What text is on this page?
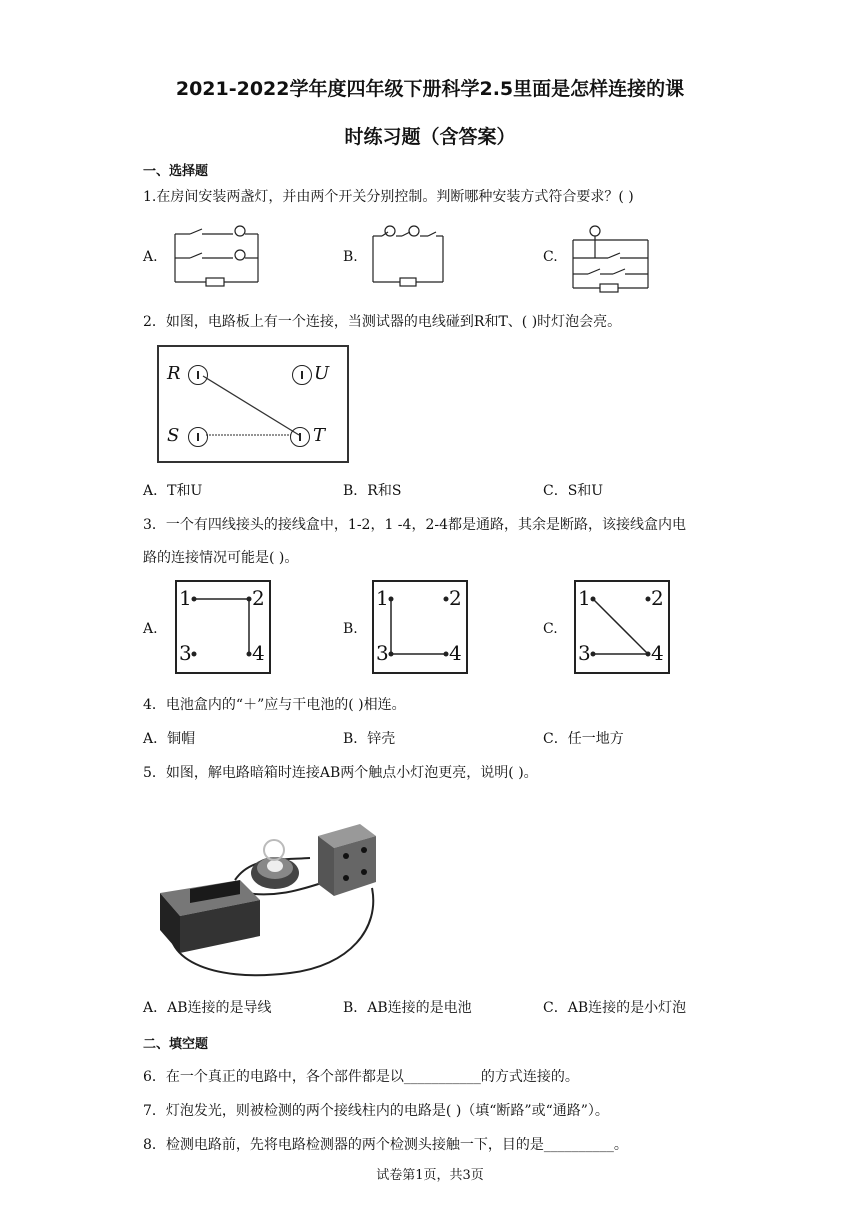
2021-2022学年度四年级下册科学2.5里面是怎样连接的课
时练习题（含答案）
一、选择题
1.在房间安装两盏灯，并由两个开关分别控制。判断哪种安装方式符合要求？( )
A.	B.	C.
2．如图，电路板上有一个连接，当测试器的电线碰到R和T、( )时灯泡会亮。
R	U
S	T
A．T和U	B．R和S	C．S和U
3．一个有四线接头的接线盒中，1-2，1 -4，2-4都是通路，其余是断路，该接线盒内电
路的连接情况可能是( )。
A.	B.	C.
1	2
3	4
1	2
3	4
1	2
3	4
4．电池盒内的“＋”应与干电池的( )相连。
A．铜帽	B．锌壳	C．任一地方
5．如图，解电路暗箱时连接AB两个触点小灯泡更亮，说明( )。
A．AB连接的是导线	B．AB连接的是电池	C．AB连接的是小灯泡
二、填空题
6．在一个真正的电路中，各个部件都是以___________的方式连接的。
7．灯泡发光，则被检测的两个接线柱内的电路是( )（填“断路”或“通路”）。
8．检测电路前，先将电路检测器的两个检测头接触一下，目的是__________。
试卷第1页，共3页
